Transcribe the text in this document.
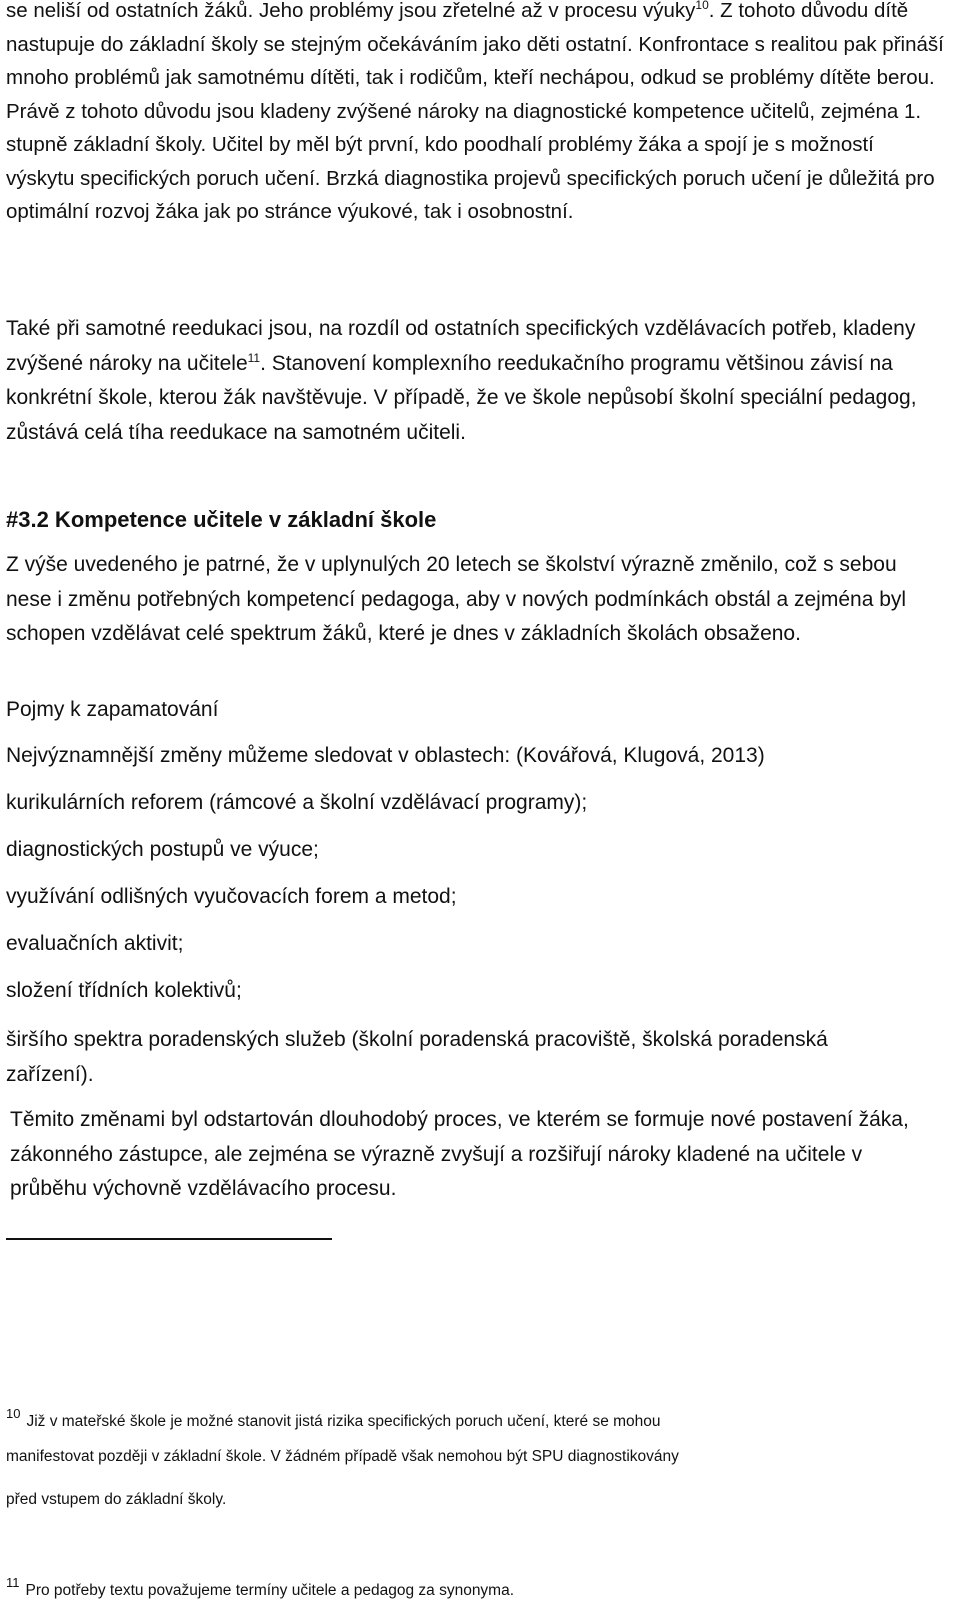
se neliší od ostatních žáků. Jeho problémy jsou zřetelné až v procesu výuky$^{10}$. Z tohoto důvodu dítě nastupuje do základní školy se stejným očekáváním jako děti ostatní. Konfrontace s realitou pak přináší mnoho problémů jak samotnému dítěti, tak i rodičům, kteří nechápou, odkud se problémy dítěte berou. Právě z tohoto důvodu jsou kladeny zvýšené nároky na diagnostické kompetence učitelů, zejména 1. stupně základní školy. Učitel by měl být první, kdo poodhalí problémy žáka a spojí je s možností výskytu specifických poruch učení. Brzká diagnostika projevů specifických poruch učení je důležitá pro optimální rozvoj žáka jak po stránce výukové, tak i osobnostní.
Také při samotné reedukaci jsou, na rozdíl od ostatních specifických vzdělávacích potřeb, kladeny zvýšené nároky na učitele$^{11}$. Stanovení komplexního reedukačního programu většinou závisí na konkrétní škole, kterou žák navštěvuje. V případě, že ve škole nepůsobí školní speciální pedagog, zůstává celá tíha reedukace na samotném učiteli.
#3.2 Kompetence učitele v základní škole
Z výše uvedeného je patrné, že v uplynulých 20 letech se školství výrazně změnilo, což s sebou nese i změnu potřebných kompetencí pedagoga, aby v nových podmínkách obstál a zejména byl schopen vzdělávat celé spektrum žáků, které je dnes v základních školách obsaženo.
Pojmy k zapamatování
Nejvýznamnější změny můžeme sledovat v oblastech: (Kovářová, Klugová, 2013)
kurikulárních reforem (rámcové a školní vzdělávací programy);
diagnostických postupů ve výuce;
využívání odlišných vyučovacích forem a metod;
evaluačních aktivit;
složení třídních kolektivů;
širšího spektra poradenských služeb (školní poradenská pracoviště, školská poradenská zařízení).
Těmito změnami byl odstartován dlouhodobý proces, ve kterém se formuje nové postavení žáka, zákonného zástupce, ale zejména se výrazně zvyšují a rozšiřují nároky kladené na učitele v průběhu výchovně vzdělávacího procesu.
$^{10}$ Již v mateřské škole je možné stanovit jistá rizika specifických poruch učení, které se mohou
manifestovat později v základní škole. V žádném případě však nemohou být SPU diagnostikovány
před vstupem do základní školy.
$^{11}$ Pro potřeby textu považujeme termíny učitele a pedagog za synonyma.
